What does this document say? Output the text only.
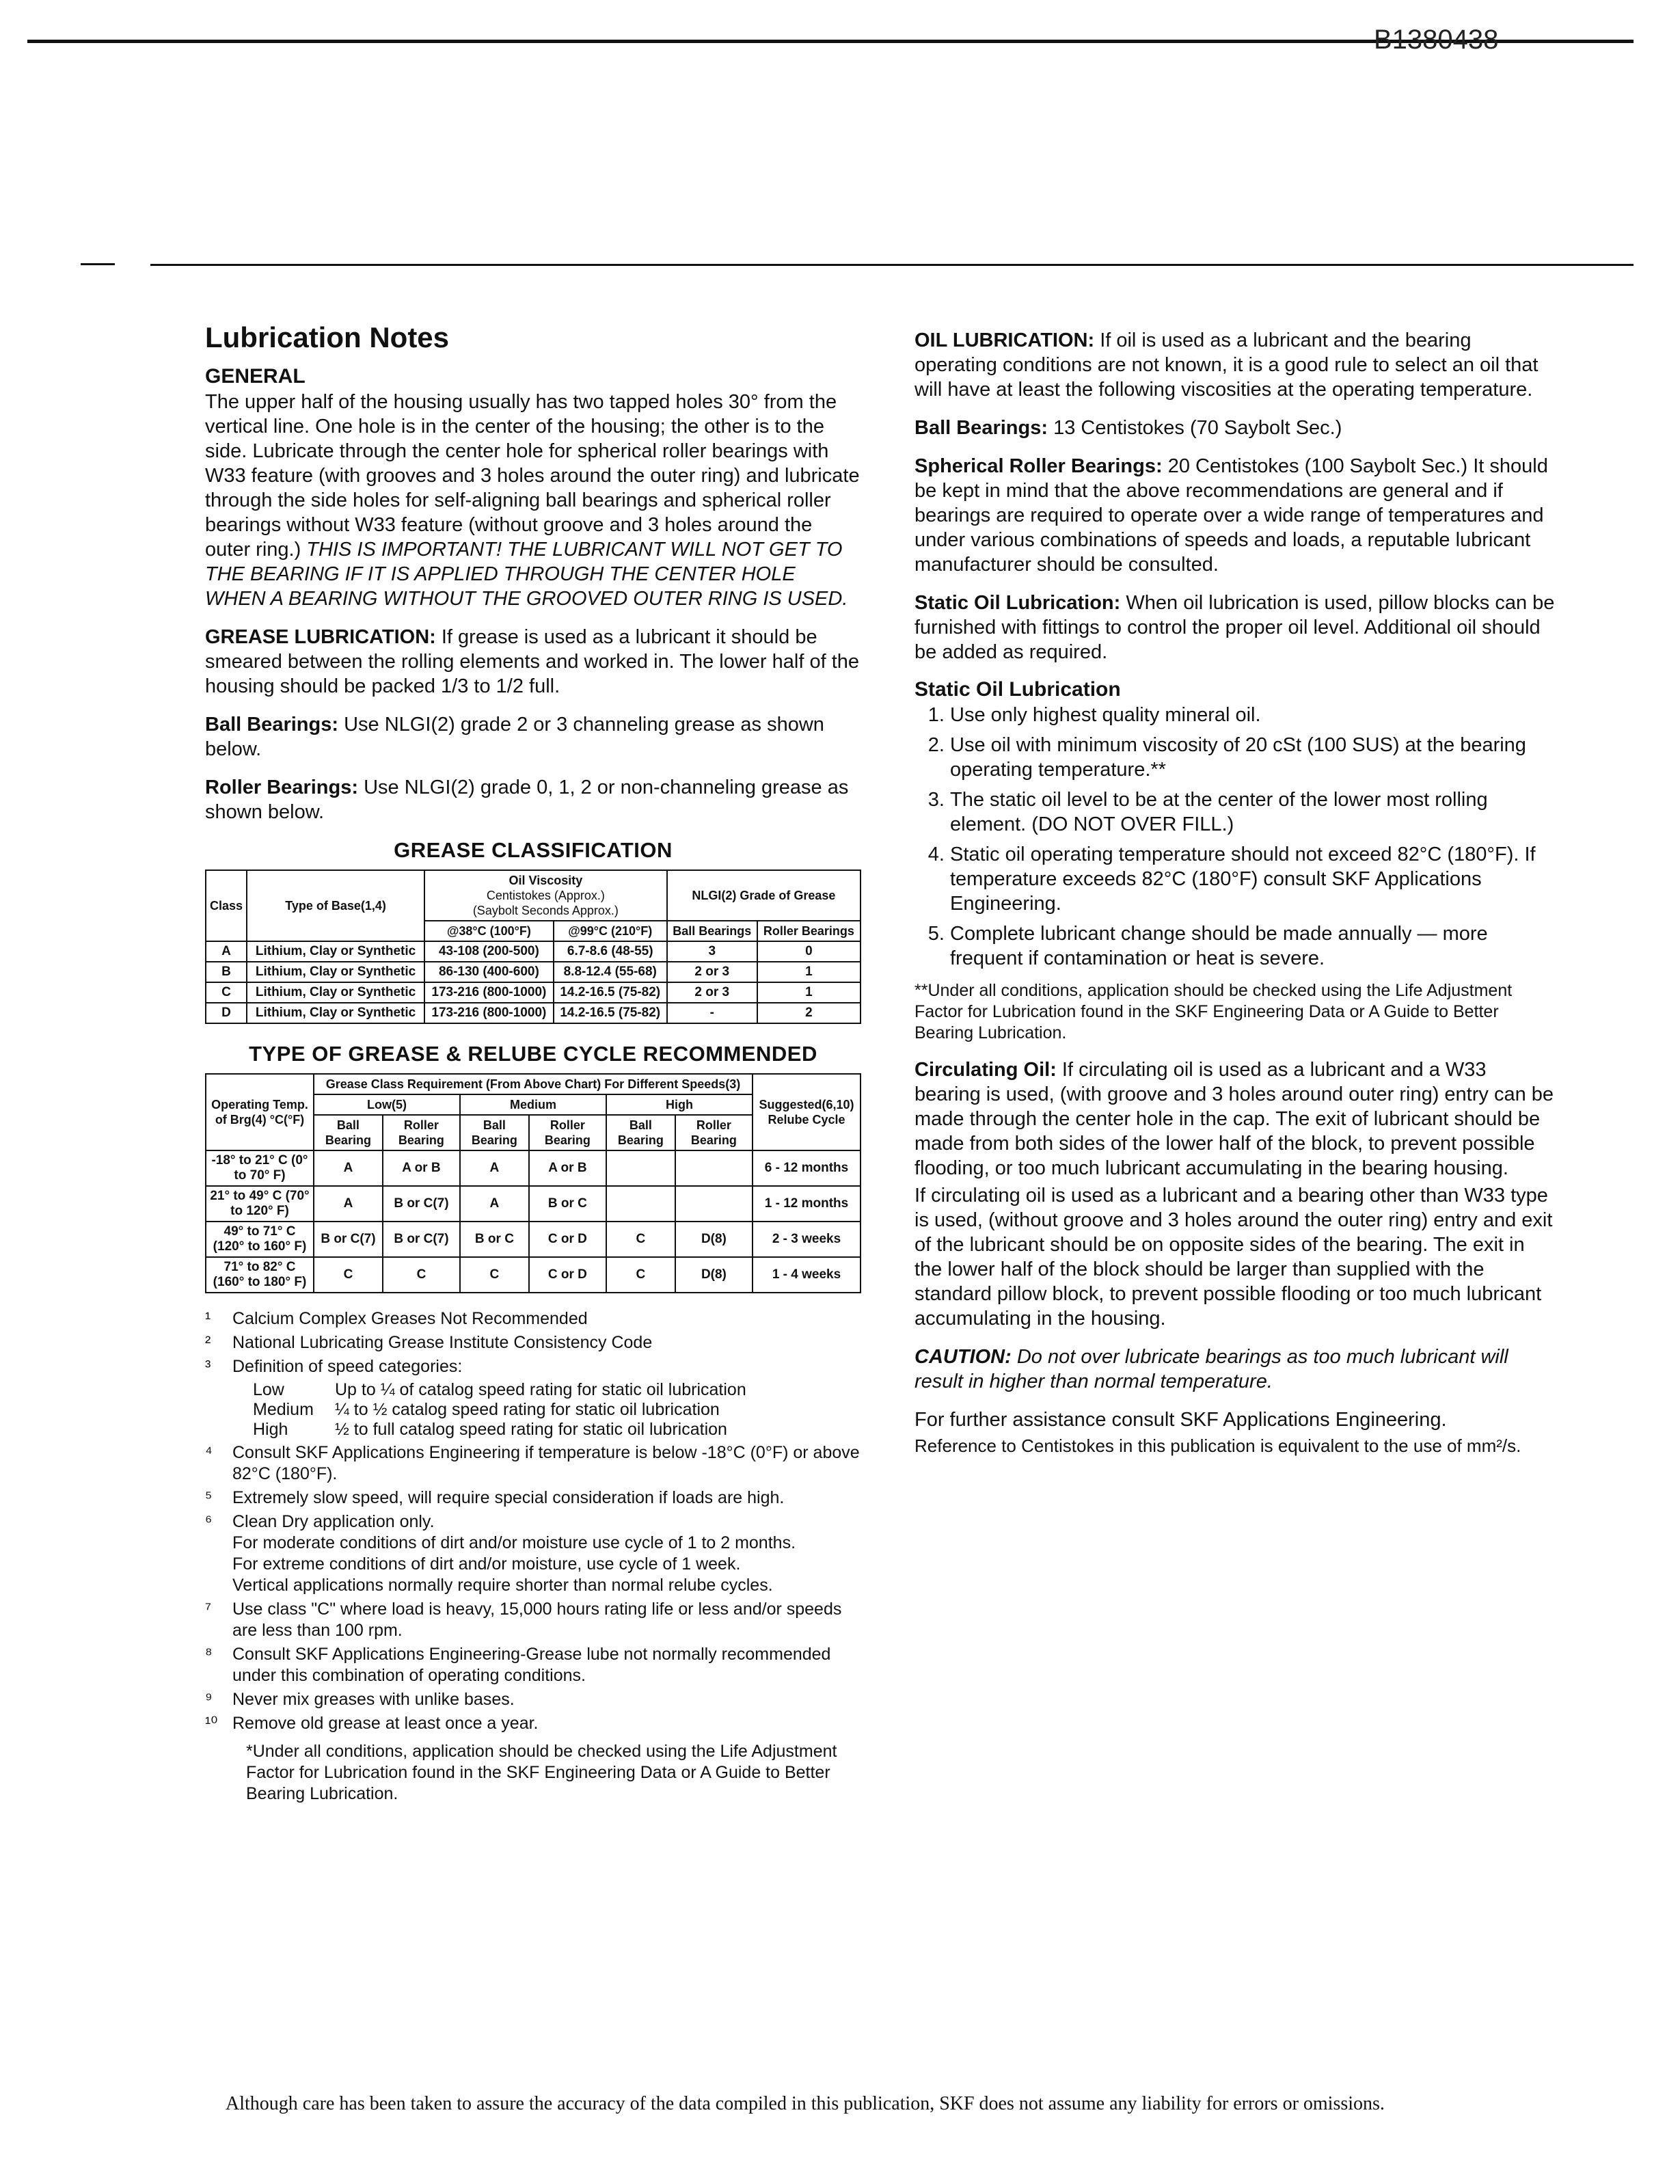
B1380438
Lubrication Notes
GENERAL

The upper half of the housing usually has two tapped holes 30° from the vertical line. One hole is in the center of the housing; the other is to the side. Lubricate through the center hole for spherical roller bearings with W33 feature (with grooves and 3 holes around the outer ring) and lubricate through the side holes for self-aligning ball bearings and spherical roller bearings without W33 feature (without groove and 3 holes around the outer ring.) THIS IS IMPORTANT! THE LUBRICANT WILL NOT GET TO THE BEARING IF IT IS APPLIED THROUGH THE CENTER HOLE WHEN A BEARING WITHOUT THE GROOVED OUTER RING IS USED.

GREASE LUBRICATION: If grease is used as a lubricant it should be smeared between the rolling elements and worked in. The lower half of the housing should be packed 1/3 to 1/2 full.

Ball Bearings: Use NLGI(2) grade 2 or 3 channeling grease as shown below.

Roller Bearings: Use NLGI(2) grade 0, 1, 2 or non-channeling grease as shown below.

GREASE CLASSIFICATION
Class	Type of Base(1,4)	Oil Viscosity
Centistokes (Approx.)
(Saybolt Seconds Approx.)		NLGI(2) Grade of Grease	
		@38°C (100°F)	@99°C (210°F)		
				Ball Bearings	Roller Bearings
A	Lithium, Clay or Synthetic	43-108 (200-500)	6.7-8.6 (48-55)	3	0
B	Lithium, Clay or Synthetic	86-130 (400-600)	8.8-12.4 (55-68)	2 or 3	1
C	Lithium, Clay or Synthetic	173-216 (800-1000)	14.2-16.5 (75-82)	2 or 3	1
D	Lithium, Clay or Synthetic	173-216 (800-1000)	14.2-16.5 (75-82)	-	2
TYPE OF GREASE & RELUBE CYCLE RECOMMENDED
Operating Temp. of Brg(4) °C(°F)	Grease Class Requirement (From Above Chart) For Different Speeds(3)						Suggested(6,10) Relube Cycle
	Low(5)		Medium		High		
	Ball Bearing	Roller Bearing	Ball Bearing	Roller Bearing	Ball Bearing	Roller Bearing	
-18° to 21° C (0° to 70° F)	A	A or B	A	A or B			6 - 12 months
21° to 49° C (70° to 120° F)	A	B or C(7)	A	B or C			1 - 12 months
49° to 71° C (120° to 160° F)	B or C(7)	B or C(7)	B or C	C or D	C	D(8)	2 - 3 weeks
71° to 82° C (160° to 180° F)	C	C	C	C or D	C	D(8)	1 - 4 weeks
¹ Calcium Complex Greases Not Recommended
² National Lubricating Grease Institute Consistency Code
³ Definition of speed categories:
Low	Up to ¼ of catalog speed rating for static oil lubrication
Medium	¼ to ½ catalog speed rating for static oil lubrication
High	½ to full catalog speed rating for static oil lubrication
⁴ Consult SKF Applications Engineering if temperature is below -18°C (0°F) or above 82°C (180°F).
⁵ Extremely slow speed, will require special consideration if loads are high.
⁶ Clean Dry application only.
For moderate conditions of dirt and/or moisture use cycle of 1 to 2 months.
For extreme conditions of dirt and/or moisture, use cycle of 1 week.
Vertical applications normally require shorter than normal relube cycles.
⁷ Use class "C" where load is heavy, 15,000 hours rating life or less and/or speeds are less than 100 rpm.
⁸ Consult SKF Applications Engineering-Grease lube not normally recommended under this combination of operating conditions.
⁹ Never mix greases with unlike bases.
¹⁰ Remove old grease at least once a year.
*Under all conditions, application should be checked using the Life Adjustment Factor for Lubrication found in the SKF Engineering Data or A Guide to Better Bearing Lubrication.

OIL LUBRICATION: If oil is used as a lubricant and the bearing operating conditions are not known, it is a good rule to select an oil that will have at least the following viscosities at the operating temperature.

Ball Bearings: 13 Centistokes (70 Saybolt Sec.)

Spherical Roller Bearings: 20 Centistokes (100 Saybolt Sec.) It should be kept in mind that the above recommendations are general and if bearings are required to operate over a wide range of temperatures and under various combinations of speeds and loads, a reputable lubricant manufacturer should be consulted.

Static Oil Lubrication: When oil lubrication is used, pillow blocks can be furnished with fittings to control the proper oil level. Additional oil should be added as required.

Static Oil Lubrication
1. Use only highest quality mineral oil.
2. Use oil with minimum viscosity of 20 cSt (100 SUS) at the bearing operating temperature.**
3. The static oil level to be at the center of the lower most rolling element. (DO NOT OVER FILL.)
4. Static oil operating temperature should not exceed 82°C (180°F). If temperature exceeds 82°C (180°F) consult SKF Applications Engineering.
5. Complete lubricant change should be made annually — more frequent if contamination or heat is severe.

**Under all conditions, application should be checked using the Life Adjustment Factor for Lubrication found in the SKF Engineering Data or A Guide to Better Bearing Lubrication.

Circulating Oil: If circulating oil is used as a lubricant and a W33 bearing is used, (with groove and 3 holes around outer ring) entry can be made through the center hole in the cap. The exit of lubricant should be made from both sides of the lower half of the block, to prevent possible flooding, or too much lubricant accumulating in the bearing housing.

If circulating oil is used as a lubricant and a bearing other than W33 type is used, (without groove and 3 holes around the outer ring) entry and exit of the lubricant should be on opposite sides of the bearing. The exit in the lower half of the block should be larger than supplied with the standard pillow block, to prevent possible flooding or too much lubricant accumulating in the housing.

CAUTION: Do not over lubricate bearings as too much lubricant will result in higher than normal temperature.

For further assistance consult SKF Applications Engineering.

Reference to Centistokes in this publication is equivalent to the use of mm²/s.

Although care has been taken to assure the accuracy of the data compiled in this publication, SKF does not assume any liability for errors or omissions.
